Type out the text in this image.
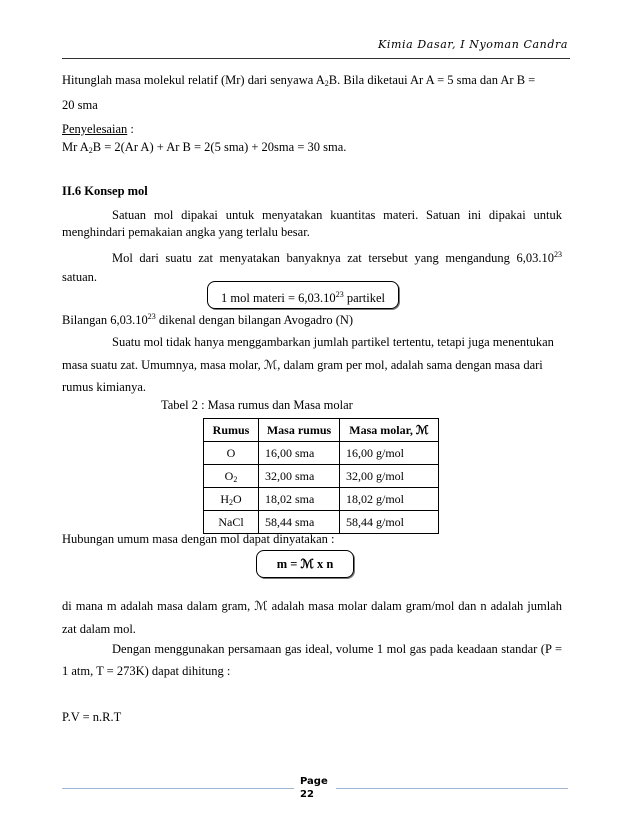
Kimia Dasar, I Nyoman Candra
Hitunglah masa molekul relatif (Mr) dari senyawa $A_2B$. Bila diketaui Ar A = 5 sma dan Ar B =
20 sma
Penyelesaian :
Mr $A_2B = 2(Ar$ A) + Ar B = 2(5 sma) + 20sma = 30 sma.
II.6 Konsep mol
Satuan mol dipakai untuk menyatakan kuantitas materi. Satuan ini dipakai untuk
menghindari pemakaian angka yang terlalu besar.
Mol dari suatu zat menyatakan banyaknya zat tersebut yang mengandung 6,03.10$^{23}$
satuan.
1 mol materi = $6,03.10^{23}$ partikel
Bilangan 6,03.10$^{23}$ dikenal dengan bilangan Avogadro (N)
Suatu mol tidak hanya menggambarkan jumlah partikel tertentu, tetapi juga menentukan
masa suatu zat. Umumnya, masa molar, ℳ, dalam gram per mol, adalah sama dengan masa dari
rumus kimianya.
Tabel 2 : Masa rumus dan Masa molar
Rumus	Masa rumus	Masa molar, ℳ
O	16,00 sma	16,00 g/mol
$O_2$	32,00 sma	32,00 g/mol
$H_2O$	18,02 sma	18,02 g/mol
NaCl	58,44 sma	58,44 g/mol
Hubungan umum masa dengan mol dapat dinyatakan :
m = ℳ x n
di mana m adalah masa dalam gram, ℳ adalah masa molar dalam gram/mol dan n adalah jumlah
zat dalam mol.
Dengan menggunakan persamaan gas ideal, volume 1 mol gas pada keadaan standar (P =
1 atm, T = 273K) dapat dihitung :
P.V = n.R.T
Page
22
